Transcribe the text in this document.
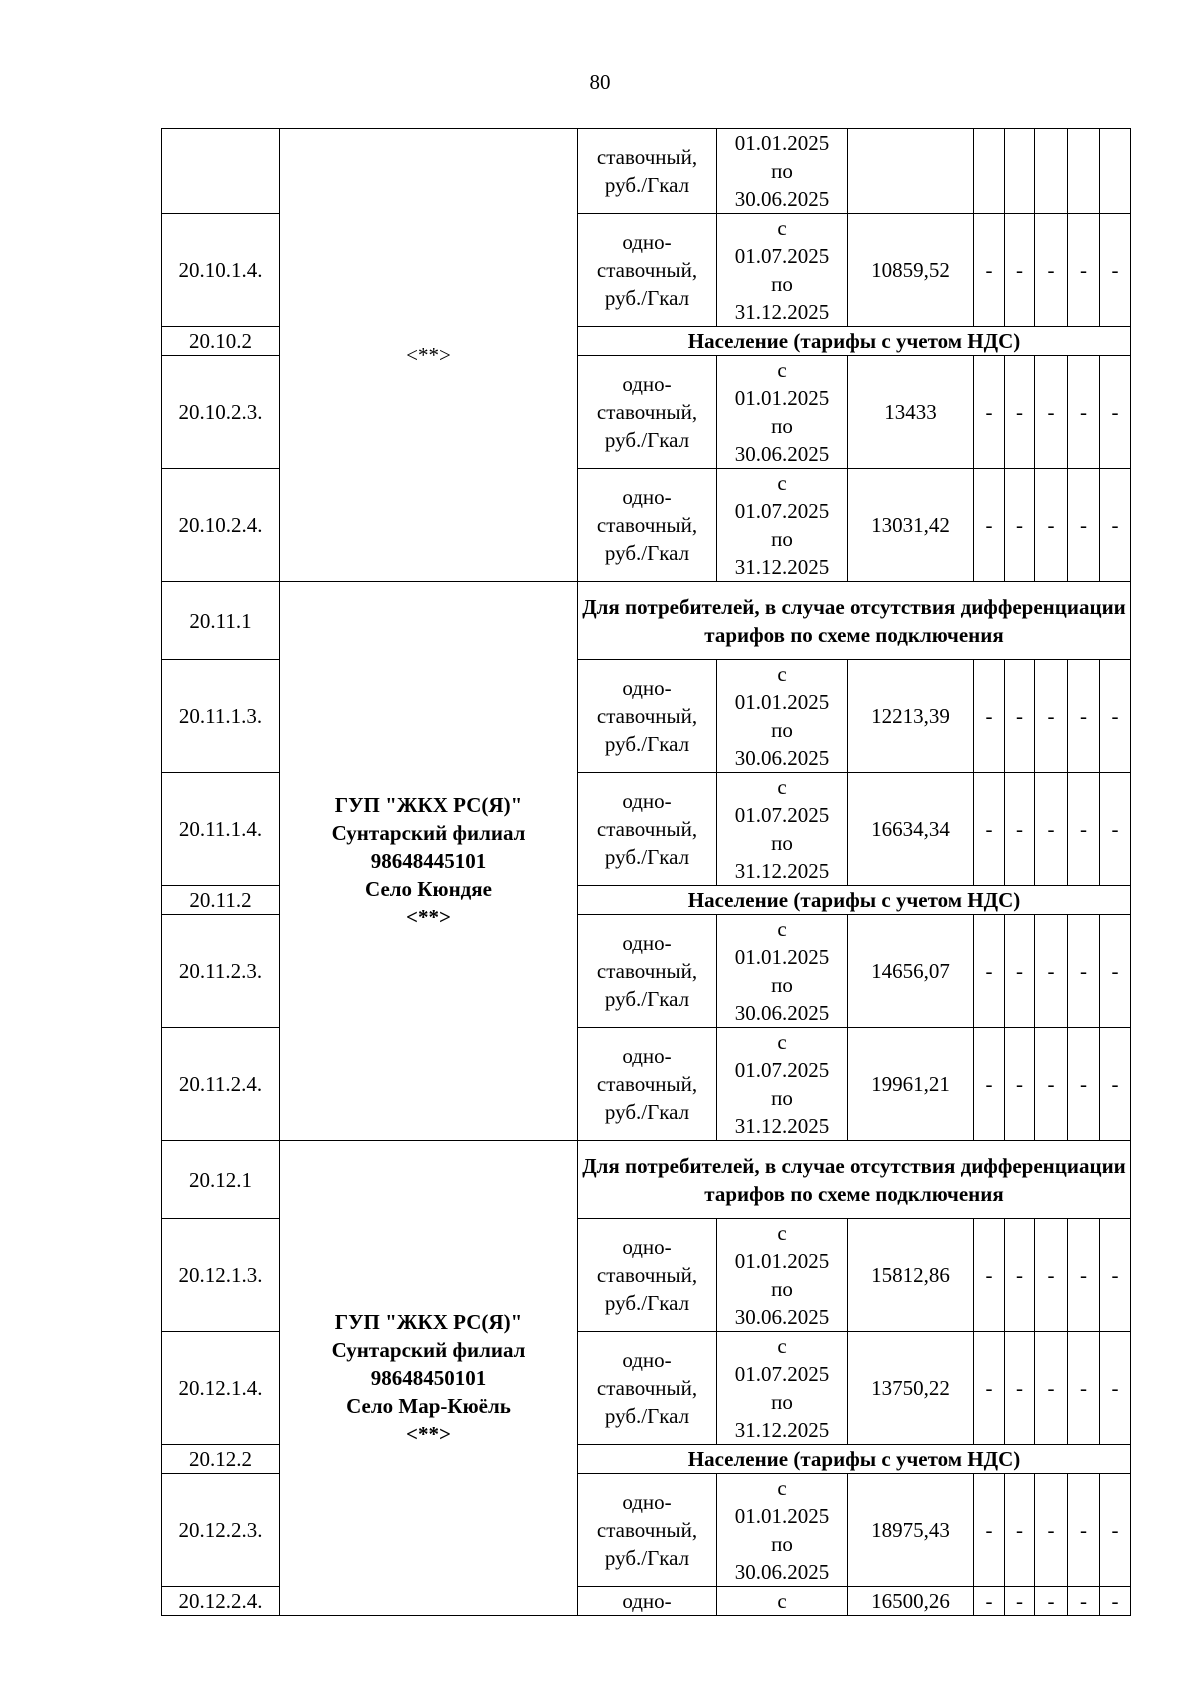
80
	<**>	ставочный,
руб./Гкал	01.01.2025
по
30.06.2025						
20.10.1.4.		одно-
ставочный,
руб./Гкал	с
01.07.2025
по
31.12.2025	10859,52	-	-	-	-	-
20.10.2		Население (тарифы с учетом НДС)							
20.10.2.3.		одно-
ставочный,
руб./Гкал	с
01.01.2025
по
30.06.2025	13433	-	-	-	-	-
20.10.2.4.		одно-
ставочный,
руб./Гкал	с
01.07.2025
по
31.12.2025	13031,42	-	-	-	-	-
20.11.1	ГУП "ЖКХ РС(Я)"
Сунтарский филиал
98648445101
Село Кюндяе
<**>	Для потребителей, в случае отсутствия дифференциации тарифов по схеме подключения							
20.11.1.3.		одно-
ставочный,
руб./Гкал	с
01.01.2025
по
30.06.2025	12213,39	-	-	-	-	-
20.11.1.4.		одно-
ставочный,
руб./Гкал	с
01.07.2025
по
31.12.2025	16634,34	-	-	-	-	-
20.11.2		Население (тарифы с учетом НДС)							
20.11.2.3.		одно-
ставочный,
руб./Гкал	с
01.01.2025
по
30.06.2025	14656,07	-	-	-	-	-
20.11.2.4.		одно-
ставочный,
руб./Гкал	с
01.07.2025
по
31.12.2025	19961,21	-	-	-	-	-
20.12.1	ГУП "ЖКХ РС(Я)"
Сунтарский филиал
98648450101
Село Мар-Кюёль
<**>	Для потребителей, в случае отсутствия дифференциации тарифов по схеме подключения							
20.12.1.3.		одно-
ставочный,
руб./Гкал	с
01.01.2025
по
30.06.2025	15812,86	-	-	-	-	-
20.12.1.4.		одно-
ставочный,
руб./Гкал	с
01.07.2025
по
31.12.2025	13750,22	-	-	-	-	-
20.12.2		Население (тарифы с учетом НДС)							
20.12.2.3.		одно-
ставочный,
руб./Гкал	с
01.01.2025
по
30.06.2025	18975,43	-	-	-	-	-
20.12.2.4.		одно-	с	16500,26	-	-	-	-	-
